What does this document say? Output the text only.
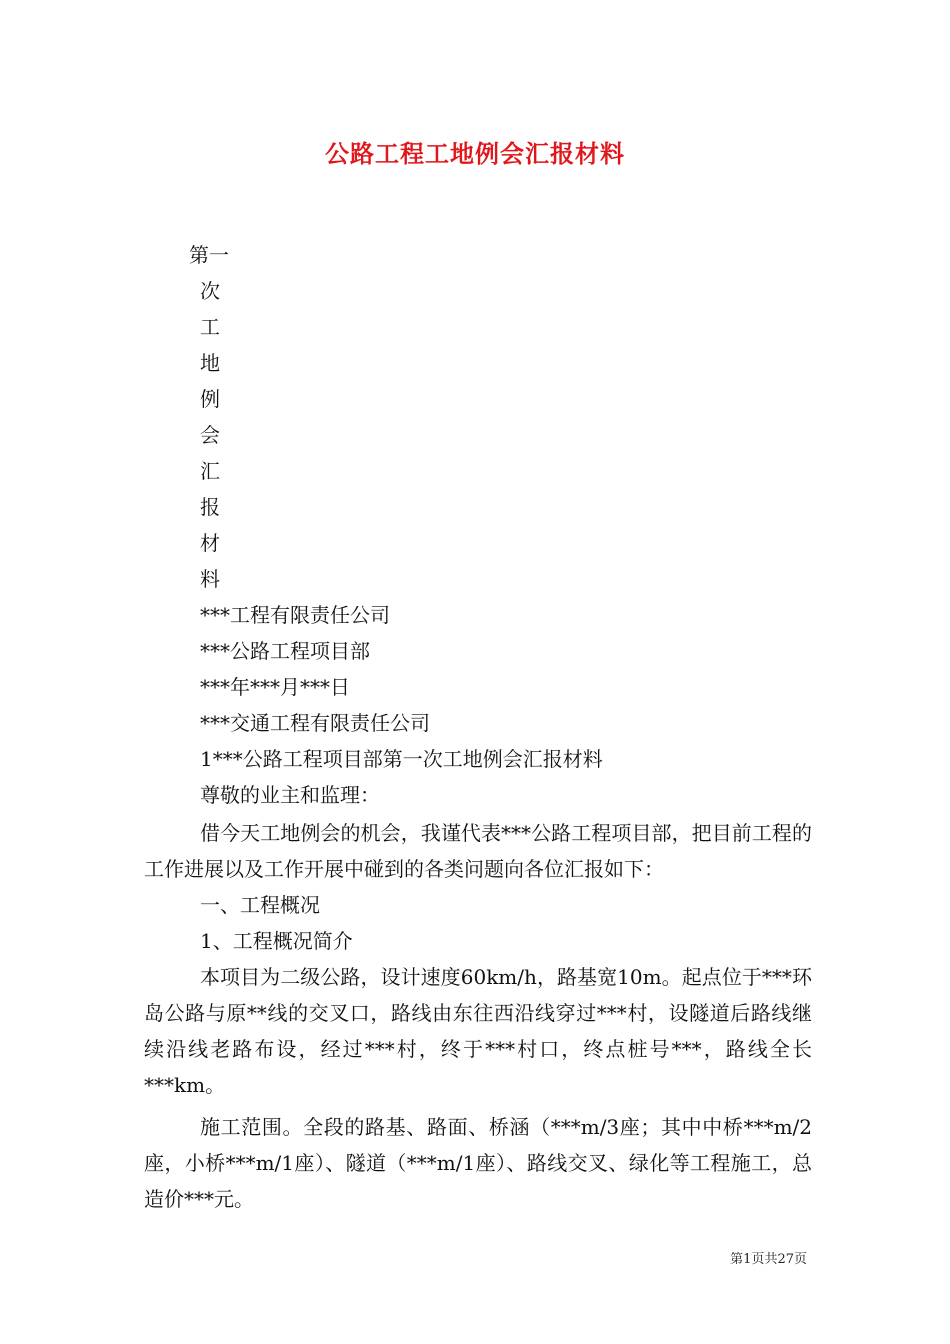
公路工程工地例会汇报材料
第一
次
工
地
例
会
汇
报
材
料
***工程有限责任公司
***公路工程项目部
***年***月***日
***交通工程有限责任公司
1***公路工程项目部第一次工地例会汇报材料
尊敬的业主和监理：
借今天工地例会的机会，我谨代表***公路工程项目部，把目前工程的工作进展以及工作开展中碰到的各类问题向各位汇报如下：
一、工程概况
1、工程概况简介
本项目为二级公路，设计速度60km/h，路基宽10m。起点位于***环岛公路与原**线的交叉口，路线由东往西沿线穿过***村，设隧道后路线继续沿线老路布设，经过***村，终于***村口，终点桩号***，路线全长***km。
施工范围。全段的路基、路面、桥涵（***m/3座；其中中桥***m/2座，小桥***m/1座）、隧道（***m/1座）、路线交叉、绿化等工程施工，总造价***元。
第1页共27页
